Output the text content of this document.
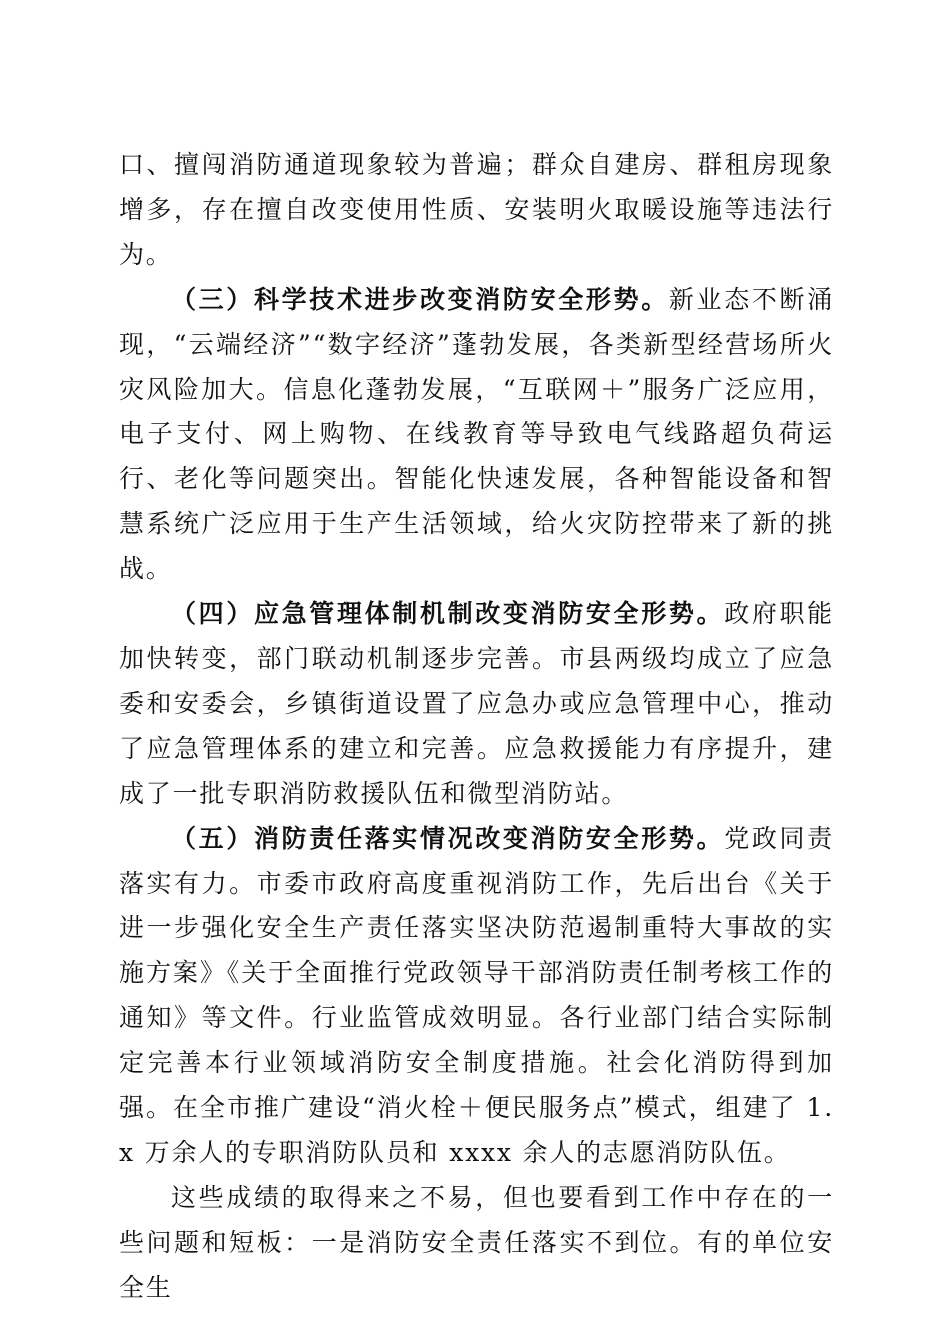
口、擅闯消防通道现象较为普遍；群众自建房、群租房现象增多，存在擅自改变使用性质、安装明火取暖设施等违法行为。

（三）科学技术进步改变消防安全形势。新业态不断涌现，“云端经济”“数字经济”蓬勃发展，各类新型经营场所火灾风险加大。信息化蓬勃发展，“互联网＋”服务广泛应用，电子支付、网上购物、在线教育等导致电气线路超负荷运行、老化等问题突出。智能化快速发展，各种智能设备和智慧系统广泛应用于生产生活领域，给火灾防控带来了新的挑战。

（四）应急管理体制机制改变消防安全形势。政府职能加快转变，部门联动机制逐步完善。市县两级均成立了应急委和安委会，乡镇街道设置了应急办或应急管理中心，推动了应急管理体系的建立和完善。应急救援能力有序提升，建成了一批专职消防救援队伍和微型消防站。

（五）消防责任落实情况改变消防安全形势。党政同责落实有力。市委市政府高度重视消防工作，先后出台《关于进一步强化安全生产责任落实坚决防范遏制重特大事故的实施方案》《关于全面推行党政领导干部消防责任制考核工作的通知》等文件。行业监管成效明显。各行业部门结合实际制定完善本行业领域消防安全制度措施。社会化消防得到加强。在全市推广建设“消火栓＋便民服务点”模式，组建了 1.x 万余人的专职消防队员和 xxxx 余人的志愿消防队伍。

这些成绩的取得来之不易，但也要看到工作中存在的一些问题和短板：一是消防安全责任落实不到位。有的单位安全生
